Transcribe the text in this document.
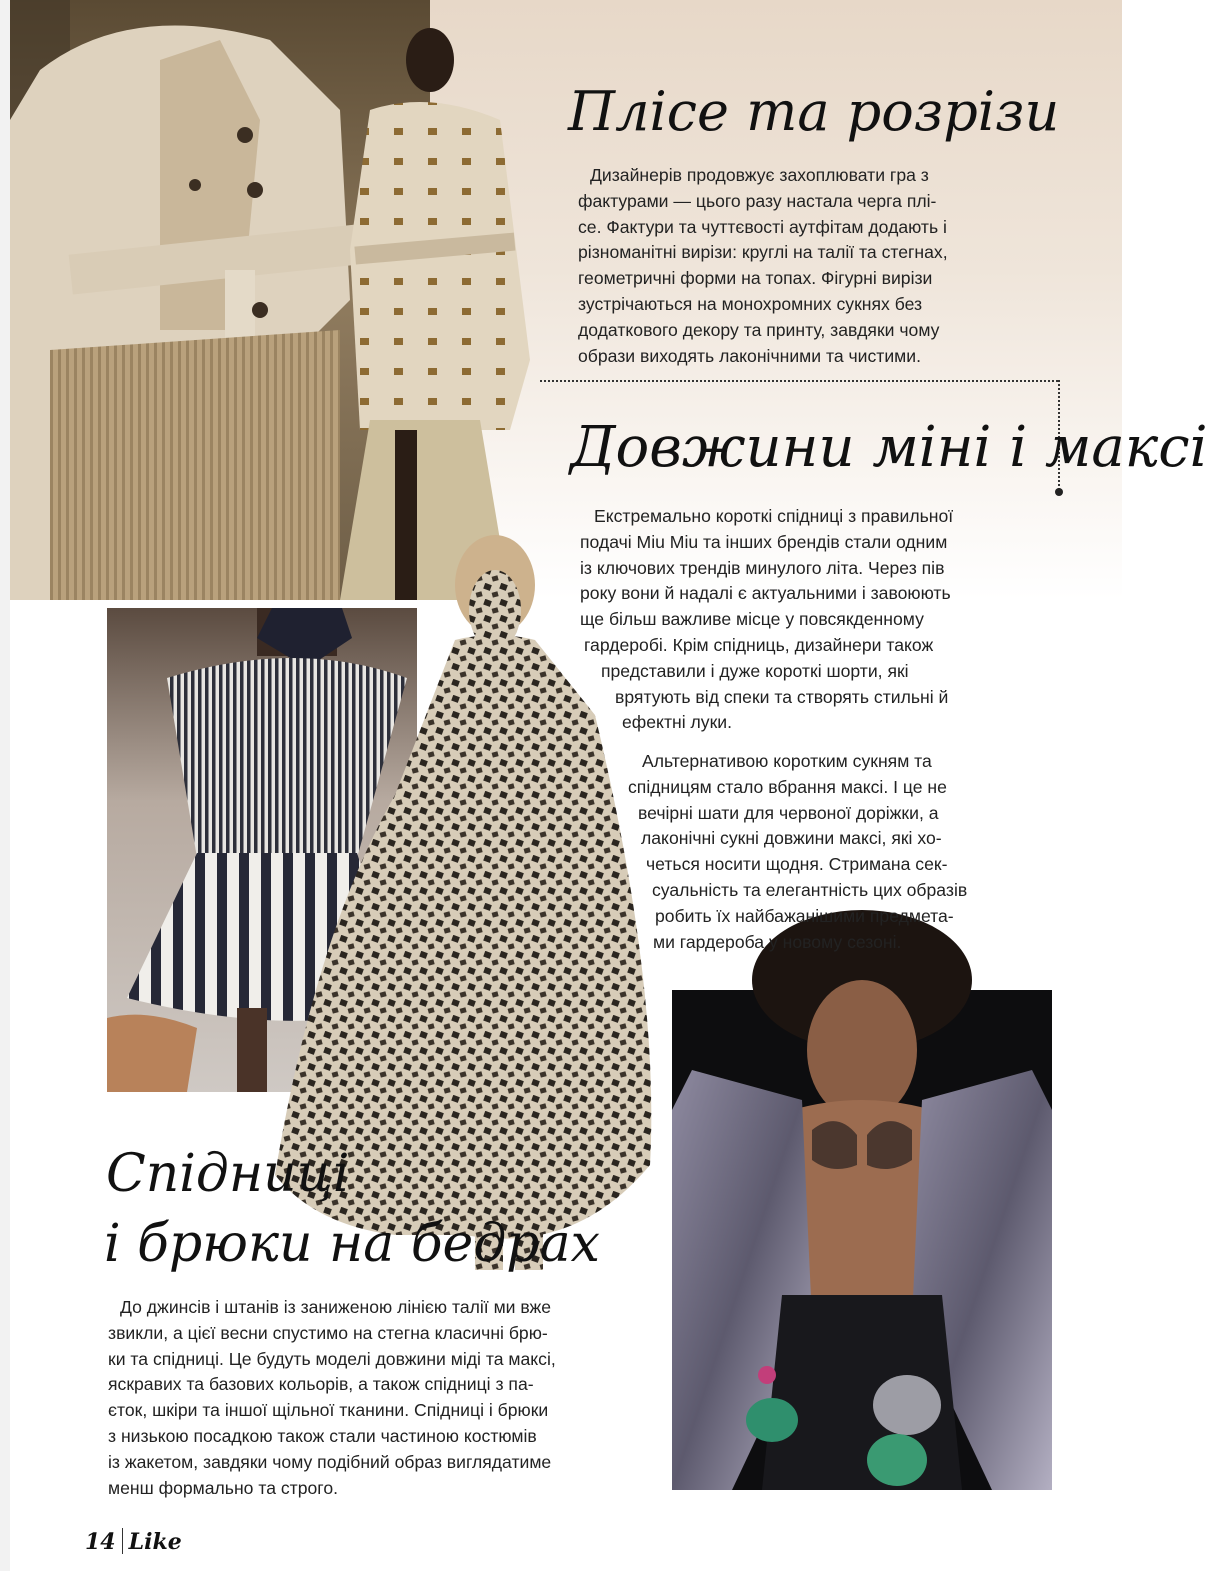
Плісе та розрізи
Дизайнерів продовжує захоплювати гра з
фактурами — цього разу настала черга плі-
се. Фактури та чуттєвості аутфітам додають і
різноманітні вирізи: круглі на талії та стегнах,
геометричні форми на топах. Фігурні вирізи
зустрічаються на монохромних сукнях без
додаткового декору та принту, завдяки чому
образи виходять лаконічними та чистими.
Довжини міні і максі
Екстремально короткі спідниці з правильної
подачі Miu Miu та інших брендів стали одним
із ключових трендів минулого літа. Через пів
року вони й надалі є актуальними і завоюють
ще більш важливе місце у повсякденному
гардеробі. Крім спідниць, дизайнери також
представили і дуже короткі шорти, які
врятують від спеки та створять стильні й
ефектні луки.
Альтернативою коротким сукням та
спідницям стало вбрання максі. І це не
вечірні шати для червоної доріжки, а
лаконічні сукні довжини максі, які хо-
четься носити щодня. Стримана сек-
суальність та елегантність цих образів
робить їх найбажанішими предмета-
ми гардероба у новому сезоні.
Спідниці
і брюки на бедрах
До джинсів і штанів із заниженою лінією талії ми вже
звикли, а цієї весни спустимо на стегна класичні брю-
ки та спідниці. Це будуть моделі довжини міді та максі,
яскравих та базових кольорів, а також спідниці з па-
єток, шкіри та іншої щільної тканини. Спідниці і брюки
з низькою посадкою також стали частиною костюмів
із жакетом, завдяки чому подібний образ виглядатиме
менш формально та строго.
14 Like
